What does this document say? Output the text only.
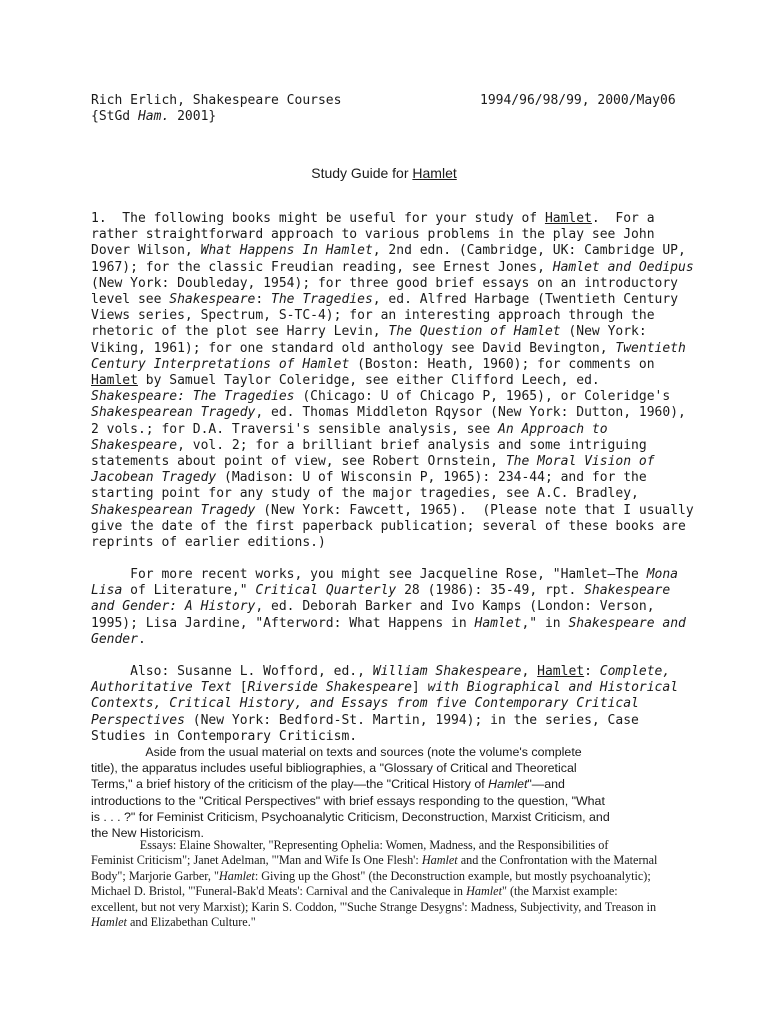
Rich Erlich, Shakespeare Courses
{StGd Ham. 2001}
1994/96/98/99, 2000/May06
Study Guide for Hamlet
1.  The following books might be useful for your study of Hamlet.  For a
rather straightforward approach to various problems in the play see John
Dover Wilson, What Happens In Hamlet, 2nd edn. (Cambridge, UK: Cambridge UP,
1967); for the classic Freudian reading, see Ernest Jones, Hamlet and Oedipus
(New York: Doubleday, 1954); for three good brief essays on an introductory
level see Shakespeare: The Tragedies, ed. Alfred Harbage (Twentieth Century
Views series, Spectrum, S-TC-4); for an interesting approach through the
rhetoric of the plot see Harry Levin, The Question of Hamlet (New York:
Viking, 1961); for one standard old anthology see David Bevington, Twentieth
Century Interpretations of Hamlet (Boston: Heath, 1960); for comments on
Hamlet by Samuel Taylor Coleridge, see either Clifford Leech, ed.
Shakespeare: The Tragedies (Chicago: U of Chicago P, 1965), or Coleridge's
Shakespearean Tragedy, ed. Thomas Middleton Rqysor (New York: Dutton, 1960),
2 vols.; for D.A. Traversi's sensible analysis, see An Approach to
Shakespeare, vol. 2; for a brilliant brief analysis and some intriguing
statements about point of view, see Robert Ornstein, The Moral Vision of
Jacobean Tragedy (Madison: U of Wisconsin P, 1965): 234-44; and for the
starting point for any study of the major tragedies, see A.C. Bradley,
Shakespearean Tragedy (New York: Fawcett, 1965).  (Please note that I usually
give the date of the first paperback publication; several of these books are
reprints of earlier editions.)
For more recent works, you might see Jacqueline Rose, "Hamlet—The Mona
Lisa of Literature," Critical Quarterly 28 (1986): 35-49, rpt. Shakespeare
and Gender: A History, ed. Deborah Barker and Ivo Kamps (London: Verson,
1995); Lisa Jardine, "Afterword: What Happens in Hamlet," in Shakespeare and
Gender.
Also: Susanne L. Wofford, ed., William Shakespeare, Hamlet: Complete,
Authoritative Text [Riverside Shakespeare] with Biographical and Historical
Contexts, Critical History, and Essays from five Contemporary Critical
Perspectives (New York: Bedford-St. Martin, 1994); in the series, Case
Studies in Contemporary Criticism.
Aside from the usual material on texts and sources (note the volume's complete
title), the apparatus includes useful bibliographies, a "Glossary of Critical and Theoretical
Terms," a brief history of the criticism of the play—the "Critical History of Hamlet"—and
introductions to the "Critical Perspectives" with brief essays responding to the question, "What
is . . . ?" for Feminist Criticism, Psychoanalytic Criticism, Deconstruction, Marxist Criticism, and
the New Historicism.
Essays: Elaine Showalter, "Representing Ophelia: Women, Madness, and the Responsibilities of
Feminist Criticism"; Janet Adelman, "'Man and Wife Is One Flesh': Hamlet and the Confrontation with the Maternal
Body"; Marjorie Garber, "Hamlet: Giving up the Ghost" (the Deconstruction example, but mostly psychoanalytic);
Michael D. Bristol, "'Funeral-Bak'd Meats': Carnival and the Canivaleque in Hamlet" (the Marxist example:
excellent, but not very Marxist); Karin S. Coddon, "'Suche Strange Desygns': Madness, Subjectivity, and Treason in
Hamlet and Elizabethan Culture."
